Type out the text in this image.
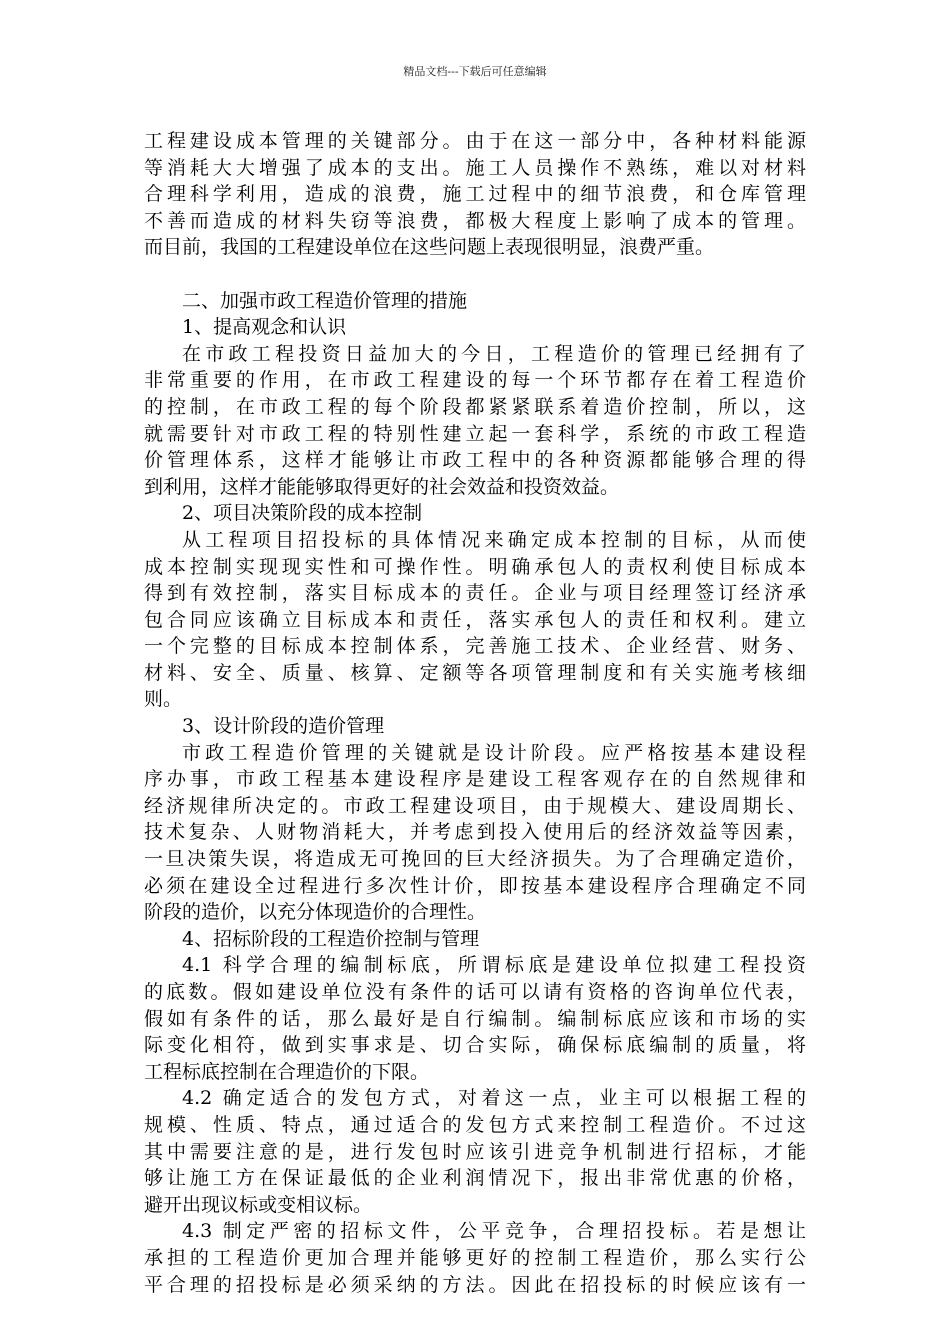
精品文档---下载后可任意编辑
工程建设成本管理的关键部分。由于在这一部分中，各种材料能源
等消耗大大增强了成本的支出。施工人员操作不熟练，难以对材料
合理科学利用，造成的浪费，施工过程中的细节浪费，和仓库管理
不善而造成的材料失窃等浪费，都极大程度上影响了成本的管理。
而目前，我国的工程建设单位在这些问题上表现很明显，浪费严重。
二、加强市政工程造价管理的措施
1、提高观念和认识
在市政工程投资日益加大的今日，工程造价的管理已经拥有了
非常重要的作用，在市政工程建设的每一个环节都存在着工程造价
的控制，在市政工程的每个阶段都紧紧联系着造价控制，所以，这
就需要针对市政工程的特别性建立起一套科学，系统的市政工程造
价管理体系，这样才能够让市政工程中的各种资源都能够合理的得
到利用，这样才能能够取得更好的社会效益和投资效益。
2、项目决策阶段的成本控制
从工程项目招投标的具体情况来确定成本控制的目标，从而使
成本控制实现现实性和可操作性。明确承包人的责权利使目标成本
得到有效控制，落实目标成本的责任。企业与项目经理签订经济承
包合同应该确立目标成本和责任，落实承包人的责任和权利。建立
一个完整的目标成本控制体系，完善施工技术、企业经营、财务、
材料、安全、质量、核算、定额等各项管理制度和有关实施考核细
则。
3、设计阶段的造价管理
市政工程造价管理的关键就是设计阶段。应严格按基本建设程
序办事，市政工程基本建设程序是建设工程客观存在的自然规律和
经济规律所决定的。市政工程建设项目，由于规模大、建设周期长、
技术复杂、人财物消耗大，并考虑到投入使用后的经济效益等因素，
一旦决策失误，将造成无可挽回的巨大经济损失。为了合理确定造价，
必须在建设全过程进行多次性计价，即按基本建设程序合理确定不同
阶段的造价，以充分体现造价的合理性。
4、招标阶段的工程造价控制与管理
4.1 科学合理的编制标底，所谓标底是建设单位拟建工程投资
的底数。假如建设单位没有条件的话可以请有资格的咨询单位代表，
假如有条件的话，那么最好是自行编制。编制标底应该和市场的实
际变化相符，做到实事求是、切合实际，确保标底编制的质量，将
工程标底控制在合理造价的下限。
4.2 确定适合的发包方式，对着这一点，业主可以根据工程的
规模、性质、特点，通过适合的发包方式来控制工程造价。不过这
其中需要注意的是，进行发包时应该引进竞争机制进行招标，才能
够让施工方在保证最低的企业利润情况下，报出非常优惠的价格，
避开出现议标或变相议标。
4.3 制定严密的招标文件，公平竞争，合理招投标。若是想让
承担的工程造价更加合理并能够更好的控制工程造价，那么实行公
平合理的招投标是必须采纳的方法。因此在招投标的时候应该有一
